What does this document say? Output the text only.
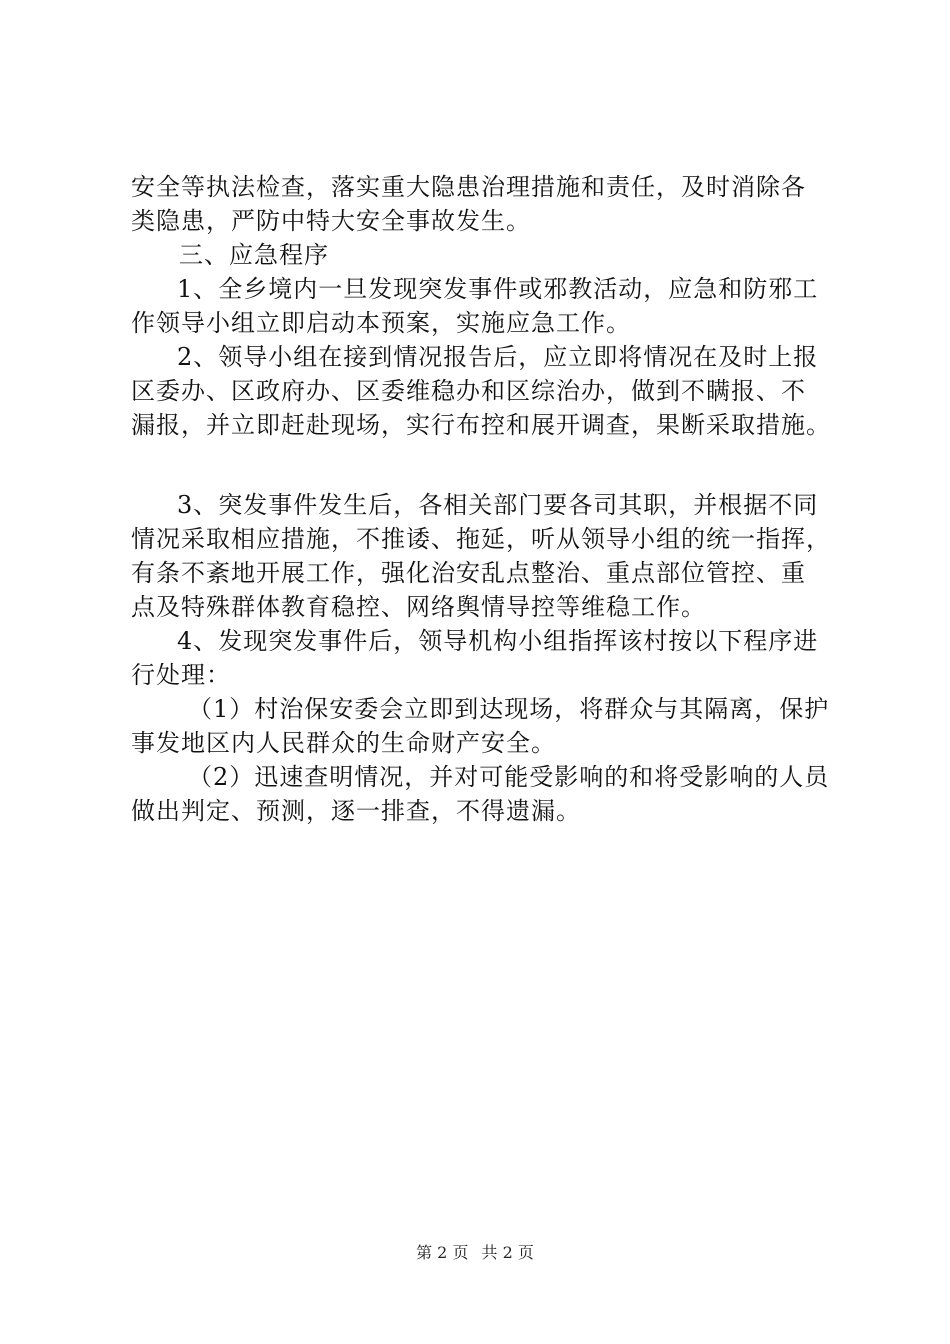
安全等执法检查，落实重大隐患治理措施和责任，及时消除各
类隐患，严防中特大安全事故发生。
三、应急程序
1、全乡境内一旦发现突发事件或邪教活动，应急和防邪工
作领导小组立即启动本预案，实施应急工作。
2、领导小组在接到情况报告后，应立即将情况在及时上报
区委办、区政府办、区委维稳办和区综治办，做到不瞒报、不
漏报，并立即赶赴现场，实行布控和展开调查，果断采取措施。
3、突发事件发生后，各相关部门要各司其职，并根据不同
情况采取相应措施，不推诿、拖延，听从领导小组的统一指挥，
有条不紊地开展工作，强化治安乱点整治、重点部位管控、重
点及特殊群体教育稳控、网络舆情导控等维稳工作。
4、发现突发事件后，领导机构小组指挥该村按以下程序进
行处理：
（1）村治保安委会立即到达现场，将群众与其隔离，保护
事发地区内人民群众的生命财产安全。
（2）迅速查明情况，并对可能受影响的和将受影响的人员
做出判定、预测，逐一排查，不得遗漏。
第 2 页 共 2 页
